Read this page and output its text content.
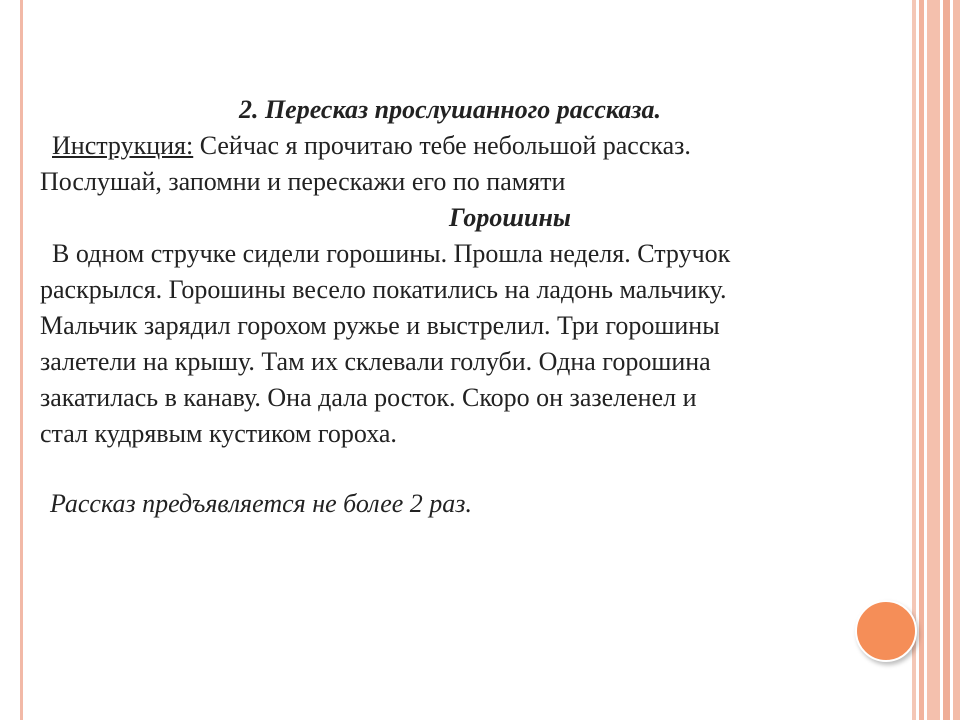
2. Пересказ прослушанного рассказа.
Инструкция: Сейчас я прочитаю тебе небольшой рассказ.
Послушай, запомни и перескажи его по памяти
Горошины
В одном стручке сидели горошины. Прошла неделя. Стручок
раскрылся. Горошины весело покатились на ладонь мальчику.
Мальчик зарядил горохом ружье и выстрелил. Три горошины
залетели на крышу. Там их склевали голуби. Одна горошина
закатилась в канаву. Она дала росток. Скоро он зазеленел и
стал кудрявым кустиком гороха.
Рассказ предъявляется не более 2 раз.
